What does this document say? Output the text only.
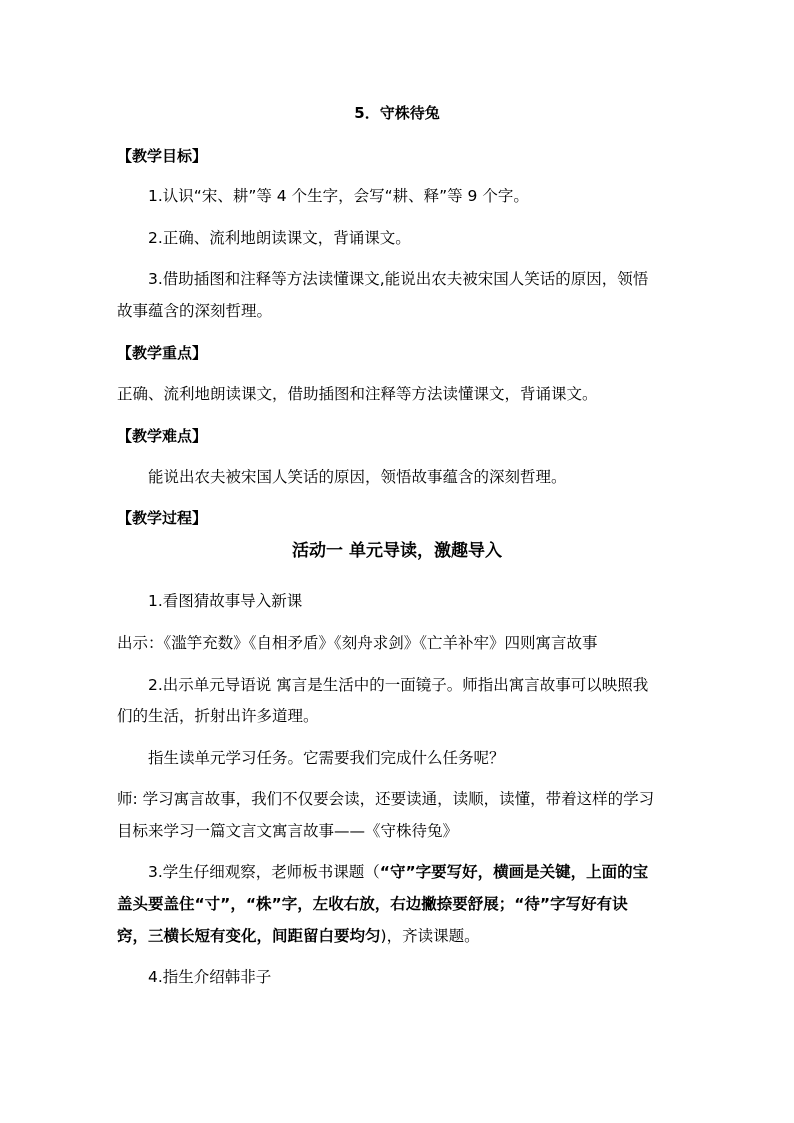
5．守株待兔

【教学目标】

1.认识“宋、耕”等 4 个生字，会写“耕、释”等 9 个字。

2.正确、流利地朗读课文，背诵课文。

3.借助插图和注释等方法读懂课文,能说出农夫被宋国人笑话的原因，领悟

故事蕴含的深刻哲理。

【教学重点】

正确、流利地朗读课文，借助插图和注释等方法读懂课文，背诵课文。

【教学难点】

能说出农夫被宋国人笑话的原因，领悟故事蕴含的深刻哲理。

【教学过程】

活动一 单元导读，激趣导入

1.看图猜故事导入新课

出示：《滥竽充数》《自相矛盾》《刻舟求剑》《亡羊补牢》四则寓言故事

2.出示单元导语说 寓言是生活中的一面镜子。师指出寓言故事可以映照我

们的生活，折射出许多道理。

指生读单元学习任务。它需要我们完成什么任务呢？

师: 学习寓言故事，我们不仅要会读，还要读通，读顺，读懂，带着这样的学习

目标来学习一篇文言文寓言故事——《守株待兔》

3.学生仔细观察，老师板书课题（“守”字要写好，横画是关键，上面的宝

盖头要盖住“寸”，“株”字，左收右放，右边撇捺要舒展；“待”字写好有诀

窍，三横长短有变化，间距留白要均匀)，齐读课题。

4.指生介绍韩非子
